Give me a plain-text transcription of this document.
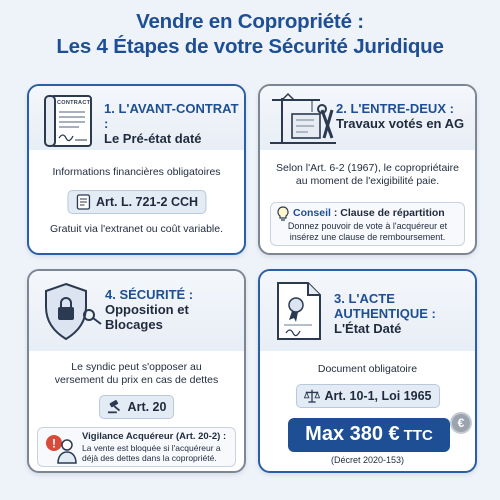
Vendre en Copropriété :
Les 4 Étapes de votre Sécurité Juridique
CONTRACT 1. L'AVANT-CONTRAT :
Le Pré-état daté
Informations financières obligatoires
Art. L. 721-2 CCH
Gratuit via l'extranet ou coût variable.
2. L'ENTRE-DEUX :
Travaux votés en AG
Selon l'Art. 6-2 (1967), le copropriétaire au moment de l'exigibilité paie.
Conseil : Clause de répartition
Donnez pouvoir de vote à l'acquéreur et insérez une clause de remboursement.
4. SÉCURITÉ :
Opposition et
Blocages
Le syndic peut s'opposer au versement du prix en cas de dettes
Art. 20
!	Vigilance Acquéreur (Art. 20-2) :
La vente est bloquée si l'acquéreur a déjà des dettes dans la copropriété.
3. L'ACTE
AUTHENTIQUE :
L'État Daté
Document obligatoire
Art. 10-1, Loi 1965
Max 380 € TTC
€
(Décret 2020-153)
